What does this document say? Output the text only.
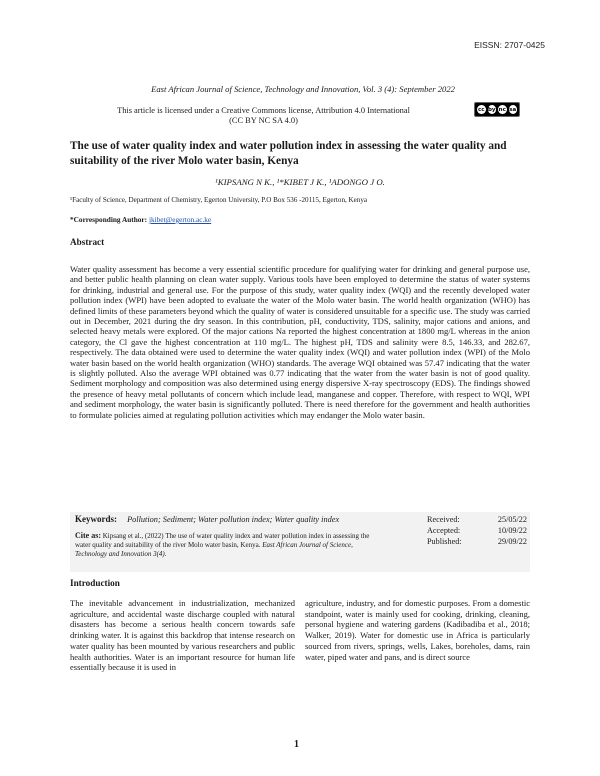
EISSN: 2707-0425
East African Journal of Science, Technology and Innovation, Vol. 3 (4): September 2022
This article is licensed under a Creative Commons license, Attribution 4.0 International
(CC BY NC SA 4.0)
cc by nc sa
The use of water quality index and water pollution index in assessing the water quality and suitability of the river Molo water basin, Kenya
¹KIPSANG N K., ¹*KIBET J K., ¹ADONGO J O.
¹Faculty of Science, Department of Chemistry, Egerton University, P.O Box 536 -20115, Egerton, Kenya
*Corresponding Author: jkibet@egerton.ac.ke
Abstract
Water quality assessment has become a very essential scientific procedure for qualifying water for drinking and general purpose use, and better public health planning on clean water supply. Various tools have been employed to determine the status of water systems for drinking, industrial and general use. For the purpose of this study, water quality index (WQI) and the recently developed water pollution index (WPI) have been adopted to evaluate the water of the Molo water basin. The world health organization (WHO) has defined limits of these parameters beyond which the quality of water is considered unsuitable for a specific use. The study was carried out in December, 2021 during the dry season. In this contribution, pH, conductivity, TDS, salinity, major cations and anions, and selected heavy metals were explored. Of the major cations Na reported the highest concentration at 1800 mg/L whereas in the anion category, the Cl gave the highest concentration at 110 mg/L. The highest pH, TDS and salinity were 8.5, 146.33, and 282.67, respectively. The data obtained were used to determine the water quality index (WQI) and water pollution index (WPI) of the Molo water basin based on the world health organization (WHO) standards. The average WQI obtained was 57.47 indicating that the water is slightly polluted. Also the average WPI obtained was 0.77 indicating that the water from the water basin is not of good quality. Sediment morphology and composition was also determined using energy dispersive X-ray spectroscopy (EDS). The findings showed the presence of heavy metal pollutants of concern which include lead, manganese and copper. Therefore, with respect to WQI, WPI and sediment morphology, the water basin is significantly polluted. There is need therefore for the government and health authorities to formulate policies aimed at regulating pollution activities which may endanger the Molo water basin.
Keywords: Pollution; Sediment; Water pollution index; Water quality index
Cite as: Kipsang et al., (2022) The use of water quality index and water pollution index in assessing the water quality and suitability of the river Molo water basin, Kenya. East African Journal of Science, Technology and Innovation 3(4).
Received:	25/05/22
Accepted:	10/09/22
Published:	29/09/22
Introduction
The inevitable advancement in industrialization, mechanized agriculture, and accidental waste discharge coupled with natural disasters has become a serious health concern towards safe drinking water. It is against this backdrop that intense research on water quality has been mounted by various researchers and public health authorities. Water is an important resource for human life essentially because it is used in
agriculture, industry, and for domestic purposes. From a domestic standpoint, water is mainly used for cooking, drinking, cleaning, personal hygiene and watering gardens (Kadibadiba et al., 2018; Walker, 2019). Water for domestic use in Africa is particularly sourced from rivers, springs, wells, Lakes, boreholes, dams, rain water, piped water and pans, and is direct source
1
